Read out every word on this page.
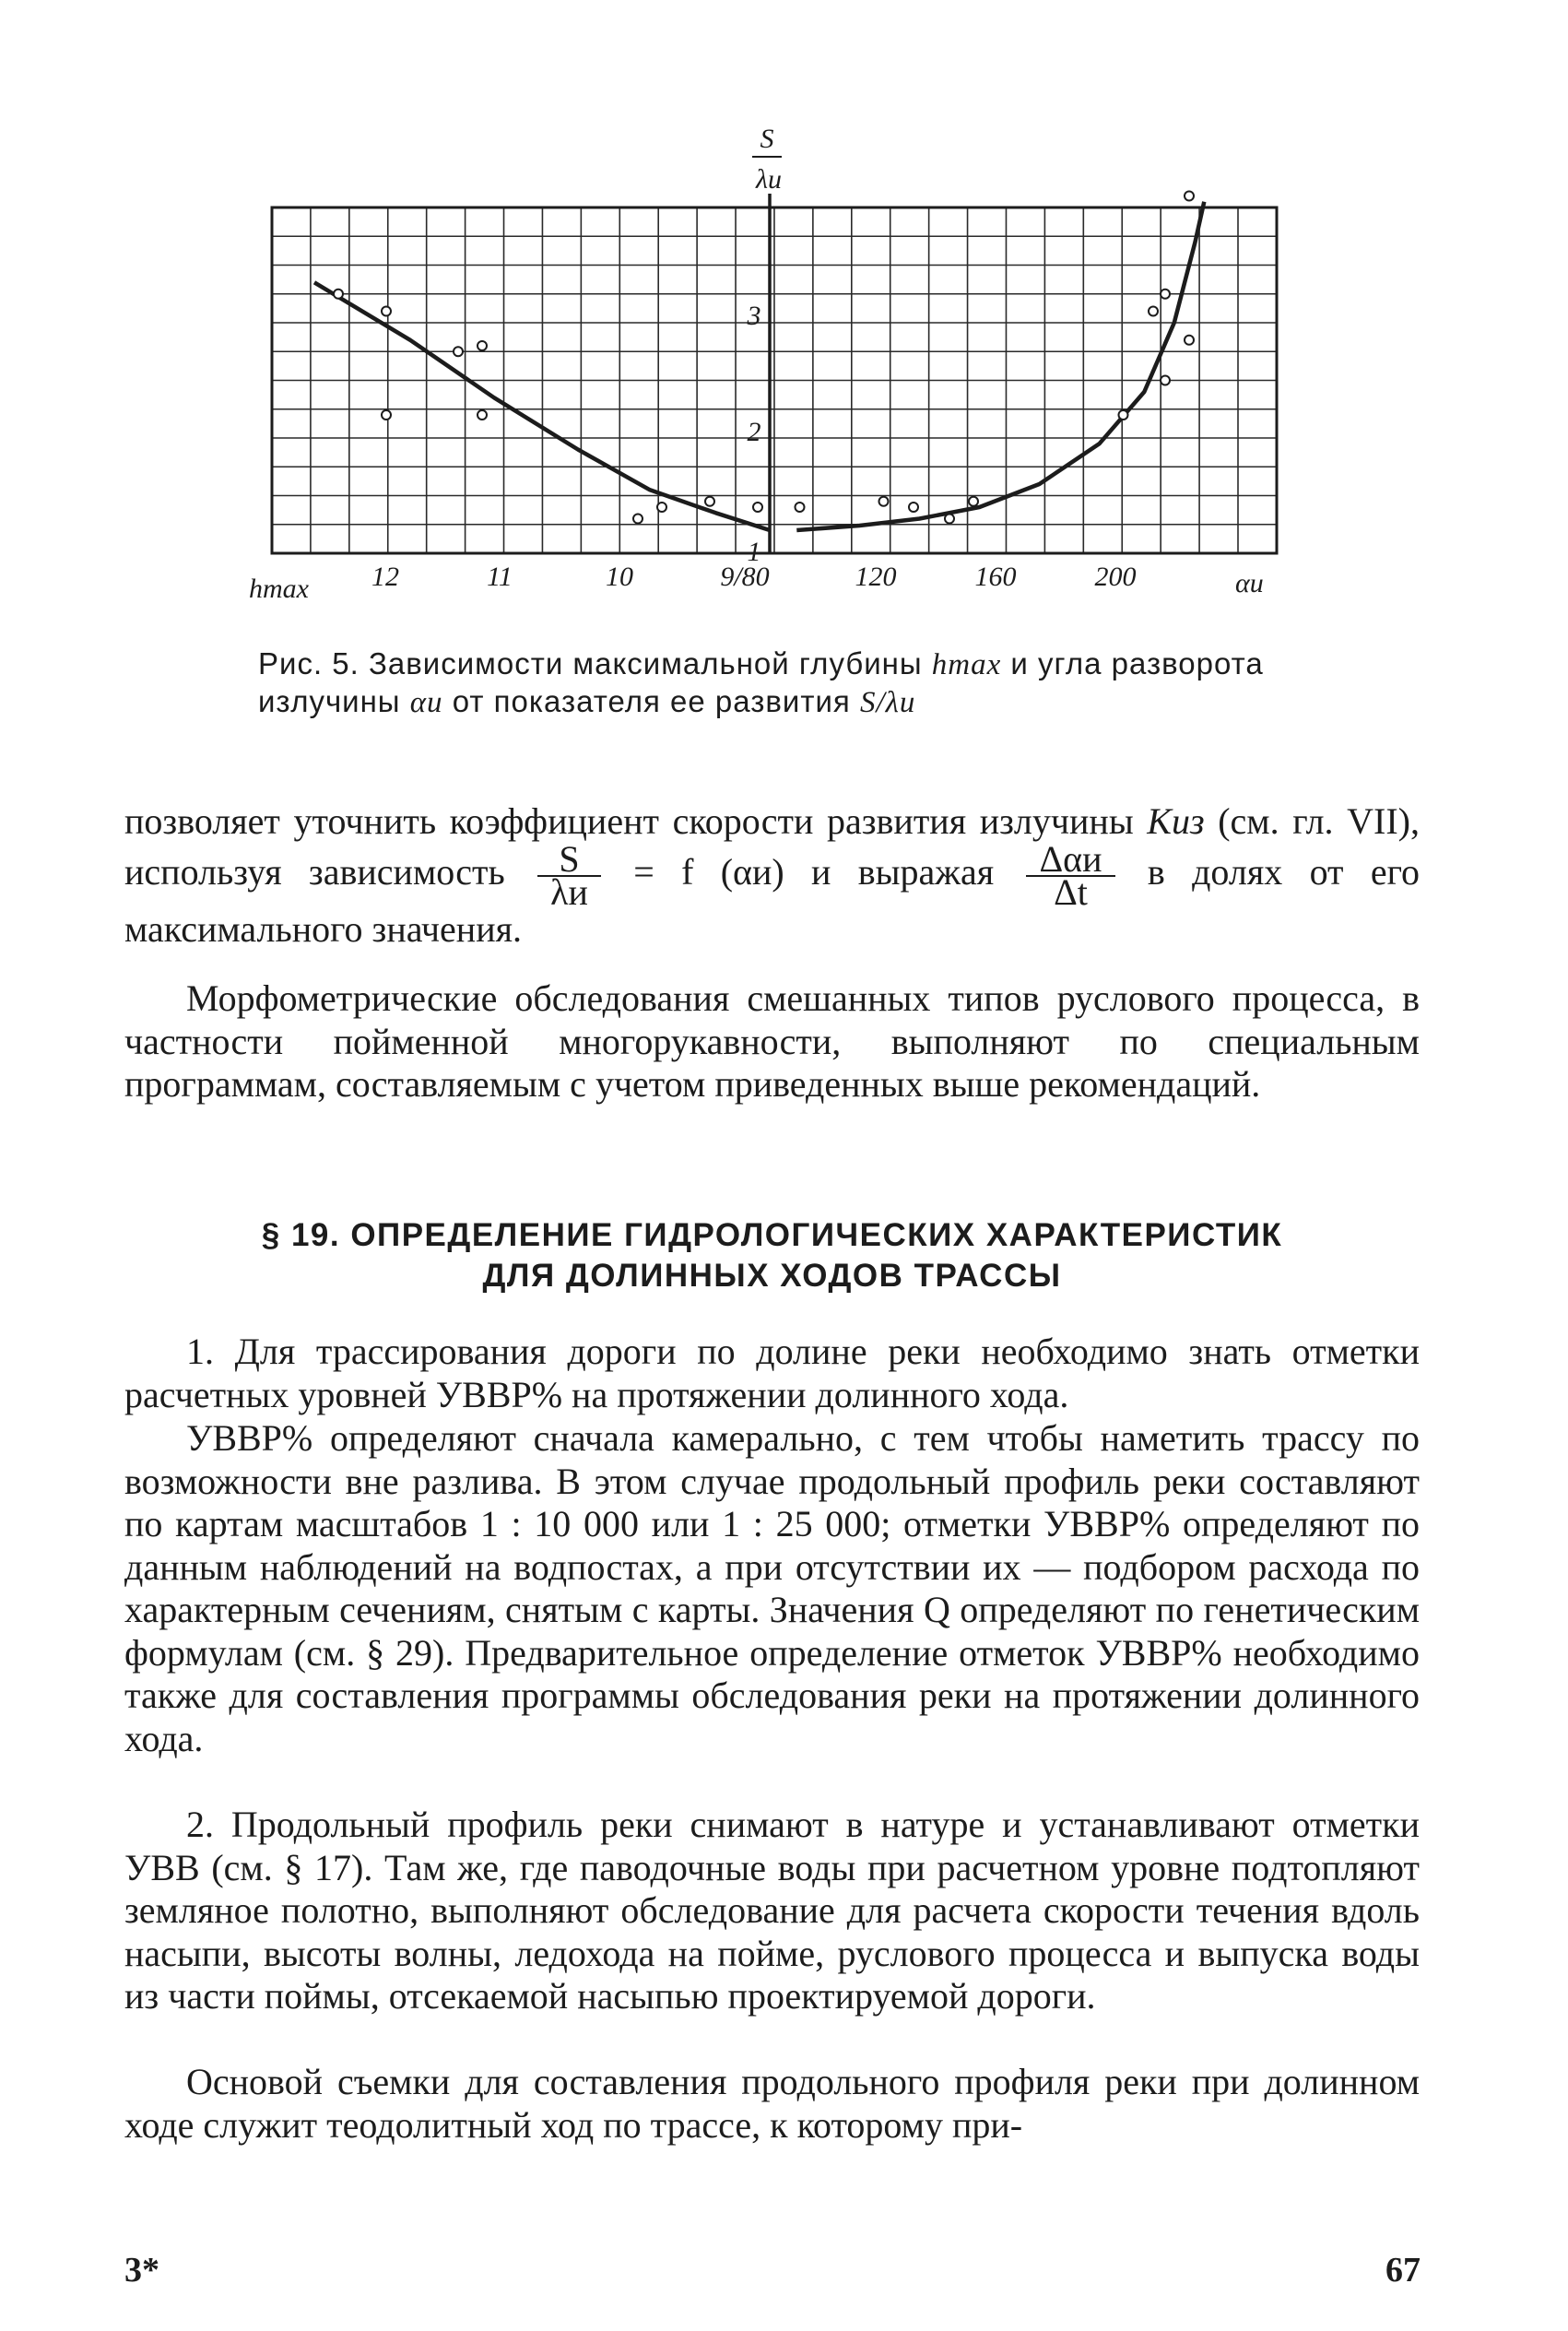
S
λи
1
2
3
hmax 12	11	10	9/80	120	160	200	αи
Рис. 5. Зависимости максимальной глубины hmax и угла разворота излучины αи от показателя ее развития S/λи
позволяет уточнить коэффициент скорости развития излучины Kиз (см. гл. VII), используя зависимость $\frac{S}{\lambda и} = f$ (αи) и выражая $\frac{\text{Δαи}}{\Delta t}$ в долях от его максимального значения.
Морфометрические обследования смешанных типов руслового процесса, в частности пойменной многорукавности, выполняют по специальным программам, составляемым с учетом приведенных выше рекомендаций.
§ 19. ОПРЕДЕЛЕНИЕ ГИДРОЛОГИЧЕСКИХ ХАРАКТЕРИСТИК
ДЛЯ ДОЛИННЫХ ХОДОВ ТРАССЫ
1. Для трассирования дороги по долине реки необходимо знать отметки расчетных уровней УВВP% на протяжении долинного хода.
УВВP% определяют сначала камерально, с тем чтобы наметить трассу по возможности вне разлива. В этом случае продольный профиль реки составляют по картам масштабов 1 : 10 000 или 1 : 25 000; отметки УВВP% определяют по данным наблюдений на водпостах, а при отсутствии их — подбором расхода по характерным сечениям, снятым с карты. Значения Q определяют по генетическим формулам (см. § 29). Предварительное определение отметок УВВP% необходимо также для составления программы обследования реки на протяжении долинного хода.
2. Продольный профиль реки снимают в натуре и устанавливают отметки УВВ (см. § 17). Там же, где паводочные воды при расчетном уровне подтопляют земляное полотно, выполняют обследование для расчета скорости течения вдоль насыпи, высоты волны, ледохода на пойме, руслового процесса и выпуска воды из части поймы, отсекаемой насыпью проектируемой дороги.
Основой съемки для составления продольного профиля реки при долинном ходе служит теодолитный ход по трассе, к которому при-
3*	67
